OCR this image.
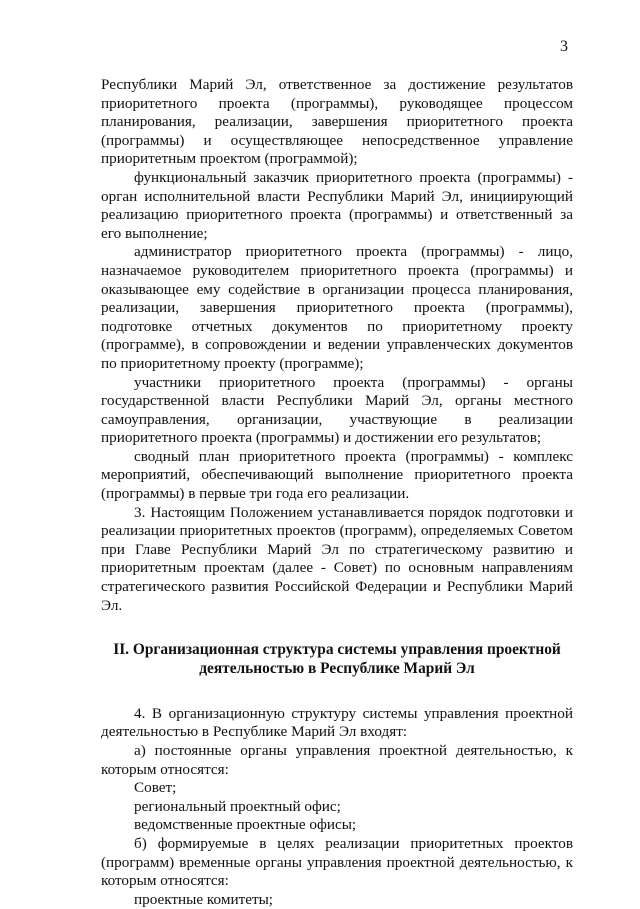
3

Республики Марий Эл, ответственное за достижение результатов приоритетного проекта (программы), руководящее процессом планирования, реализации, завершения приоритетного проекта (программы) и осуществляющее непосредственное управление приоритетным проектом (программой);

функциональный заказчик приоритетного проекта (программы) - орган исполнительной власти Республики Марий Эл, инициирующий реализацию приоритетного проекта (программы) и ответственный за его выполнение;

администратор приоритетного проекта (программы) - лицо, назначаемое руководителем приоритетного проекта (программы) и оказывающее ему содействие в организации процесса планирования, реализации, завершения приоритетного проекта (программы), подготовке отчетных документов по приоритетному проекту (программе), в сопровождении и ведении управленческих документов по приоритетному проекту (программе);

участники приоритетного проекта (программы) - органы государственной власти Республики Марий Эл, органы местного самоуправления, организации, участвующие в реализации приоритетного проекта (программы) и достижении его результатов;

сводный план приоритетного проекта (программы) - комплекс мероприятий, обеспечивающий выполнение приоритетного проекта (программы) в первые три года его реализации.

3. Настоящим Положением устанавливается порядок подготовки и реализации приоритетных проектов (программ), определяемых Советом при Главе Республики Марий Эл по стратегическому развитию и приоритетным проектам (далее - Совет) по основным направлениям стратегического развития Российской Федерации и Республики Марий Эл.

II. Организационная структура системы управления проектной
деятельностью в Республике Марий Эл

4. В организационную структуру системы управления проектной деятельностью в Республике Марий Эл входят:

а) постоянные органы управления проектной деятельностью, к которым относятся:

Совет;

региональный проектный офис;

ведомственные проектные офисы;

б) формируемые в целях реализации приоритетных проектов (программ) временные органы управления проектной деятельностью, к которым относятся:

проектные комитеты;
